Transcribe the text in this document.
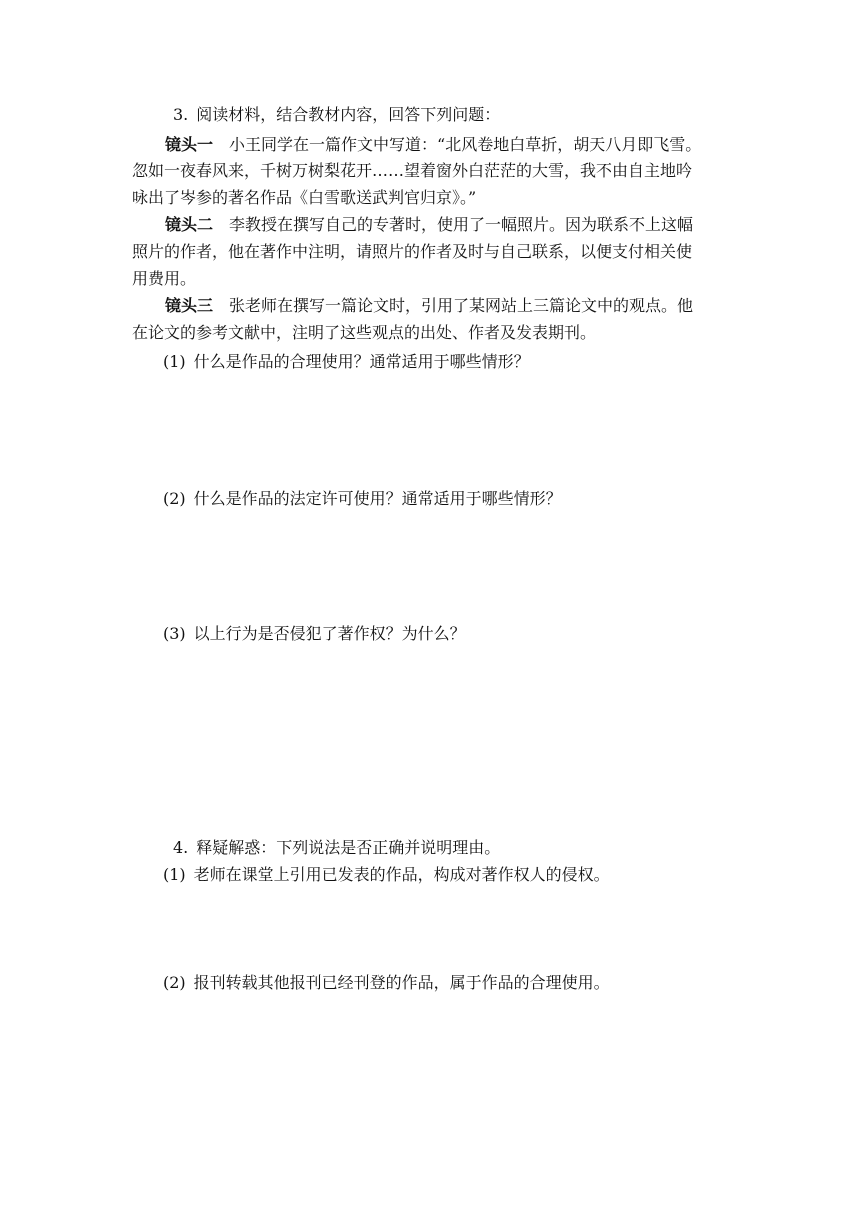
3. 阅读材料，结合教材内容，回答下列问题：
镜头一 小王同学在一篇作文中写道：“北风卷地白草折，胡天八月即飞雪。
忽如一夜春风来，千树万树梨花开……望着窗外白茫茫的大雪，我不由自主地吟
咏出了岑参的著名作品《白雪歌送武判官归京》。”
镜头二 李教授在撰写自己的专著时，使用了一幅照片。因为联系不上这幅
照片的作者，他在著作中注明，请照片的作者及时与自己联系，以便支付相关使
用费用。
镜头三 张老师在撰写一篇论文时，引用了某网站上三篇论文中的观点。他
在论文的参考文献中，注明了这些观点的出处、作者及发表期刊。
(1) 什么是作品的合理使用？通常适用于哪些情形？
(2) 什么是作品的法定许可使用？通常适用于哪些情形？
(3) 以上行为是否侵犯了著作权？为什么？
4. 释疑解惑：下列说法是否正确并说明理由。
(1) 老师在课堂上引用已发表的作品，构成对著作权人的侵权。
(2) 报刊转载其他报刊已经刊登的作品，属于作品的合理使用。
